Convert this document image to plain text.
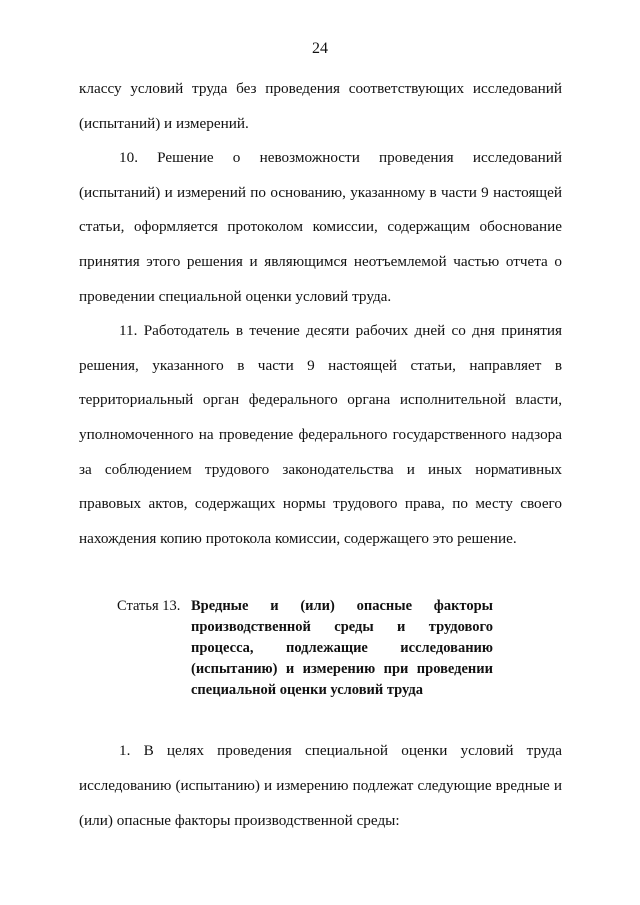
24

классу условий труда без проведения соответствующих исследований (испытаний) и измерений.

10. Решение о невозможности проведения исследований (испытаний) и измерений по основанию, указанному в части 9 настоящей статьи, оформляется протоколом комиссии, содержащим обоснование принятия этого решения и являющимся неотъемлемой частью отчета о проведении специальной оценки условий труда.

11. Работодатель в течение десяти рабочих дней со дня принятия решения, указанного в части 9 настоящей статьи, направляет в территориальный орган федерального органа исполнительной власти, уполномоченного на проведение федерального государственного надзора за соблюдением трудового законодательства и иных нормативных правовых актов, содержащих нормы трудового права, по месту своего нахождения копию протокола комиссии, содержащего это решение.

Статья 13. Вредные и (или) опасные факторы производственной среды и трудового процесса, подлежащие исследованию (испытанию) и измерению при проведении специальной оценки условий труда

1. В целях проведения специальной оценки условий труда исследованию (испытанию) и измерению подлежат следующие вредные и (или) опасные факторы производственной среды:
